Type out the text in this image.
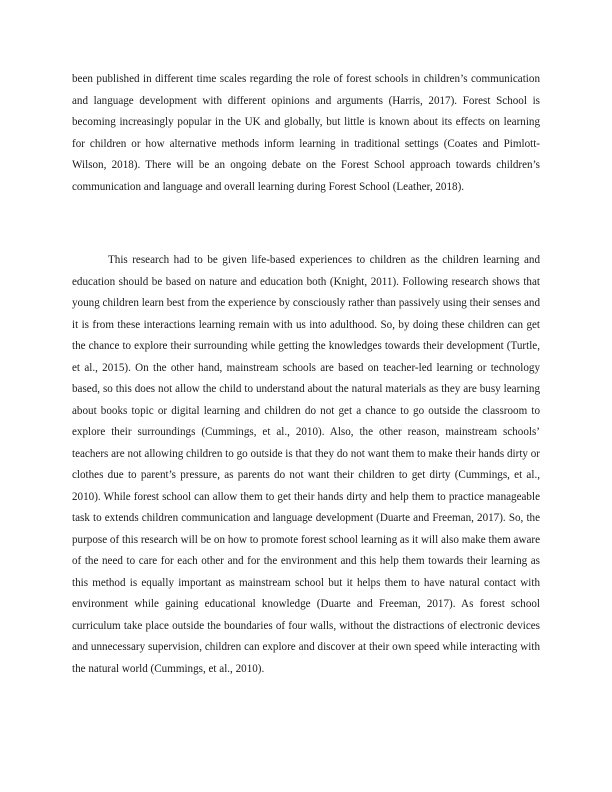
been published in different time scales regarding the role of forest schools in children’s communication and language development with different opinions and arguments (Harris, 2017). Forest School is becoming increasingly popular in the UK and globally, but little is known about its effects on learning for children or how alternative methods inform learning in traditional settings (Coates and Pimlott-Wilson, 2018). There will be an ongoing debate on the Forest School approach towards children’s communication and language and overall learning during Forest School (Leather, 2018).

This research had to be given life-based experiences to children as the children learning and education should be based on nature and education both (Knight, 2011). Following research shows that young children learn best from the experience by consciously rather than passively using their senses and it is from these interactions learning remain with us into adulthood. So, by doing these children can get the chance to explore their surrounding while getting the knowledges towards their development (Turtle, et al., 2015). On the other hand, mainstream schools are based on teacher-led learning or technology based, so this does not allow the child to understand about the natural materials as they are busy learning about books topic or digital learning and children do not get a chance to go outside the classroom to explore their surroundings (Cummings, et al., 2010). Also, the other reason, mainstream schools’ teachers are not allowing children to go outside is that they do not want them to make their hands dirty or clothes due to parent’s pressure, as parents do not want their children to get dirty (Cummings, et al., 2010). While forest school can allow them to get their hands dirty and help them to practice manageable task to extends children communication and language development (Duarte and Freeman, 2017). So, the purpose of this research will be on how to promote forest school learning as it will also make them aware of the need to care for each other and for the environment and this help them towards their learning as this method is equally important as mainstream school but it helps them to have natural contact with environment while gaining educational knowledge (Duarte and Freeman, 2017). As forest school curriculum take place outside the boundaries of four walls, without the distractions of electronic devices and unnecessary supervision, children can explore and discover at their own speed while interacting with the natural world (Cummings, et al., 2010).
